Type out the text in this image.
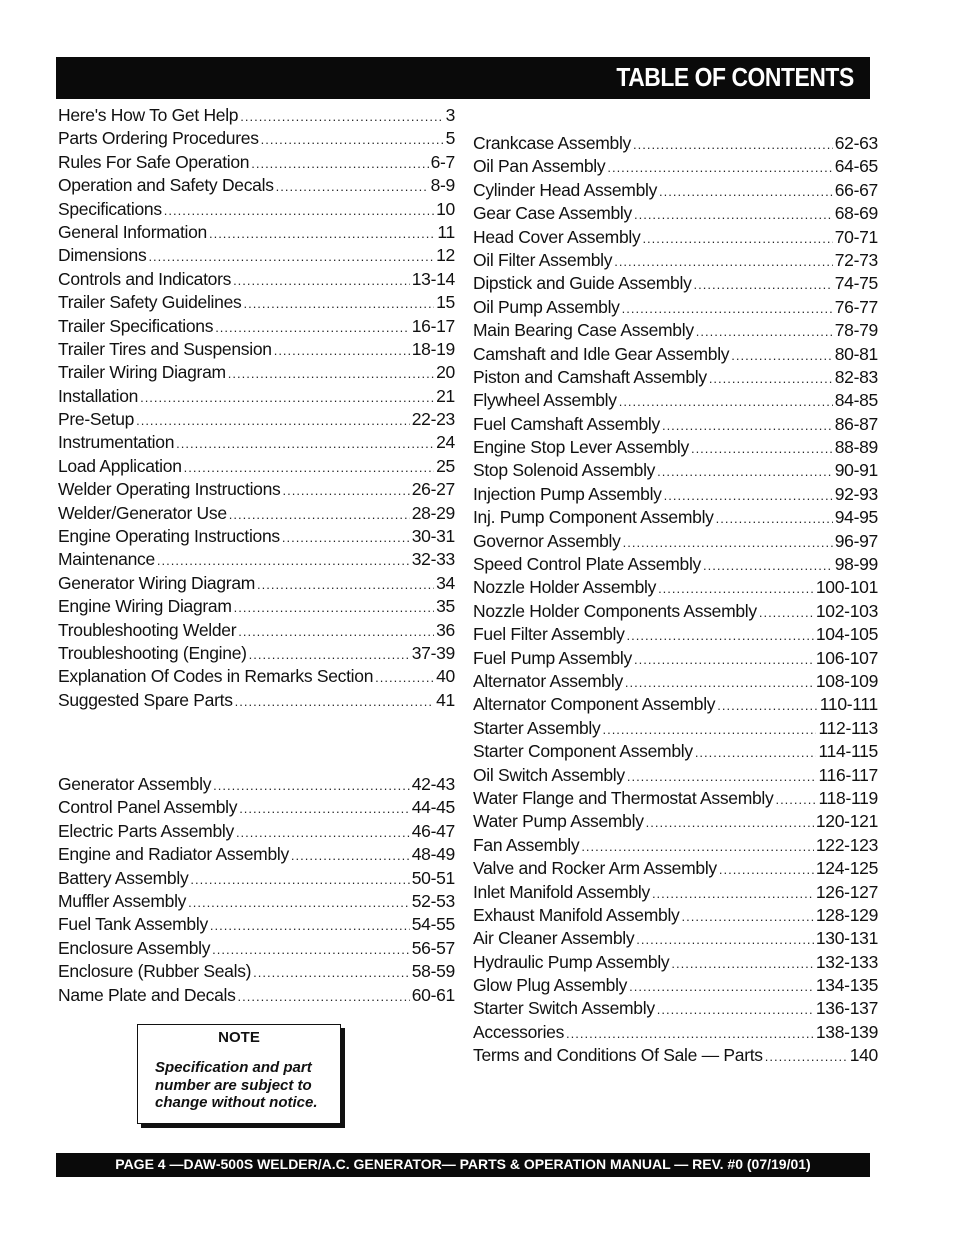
TABLE OF CONTENTS
Here's How To Get Help .....	3
Parts Ordering Procedures .....	5
Rules For Safe Operation .....	6-7
Operation and Safety Decals .....	8-9
Specifications .....	10
General Information .....	11
Dimensions .....	12
Controls and Indicators .....	13-14
Trailer Safety Guidelines .....	15
Trailer Specifications .....	16-17
Trailer Tires and Suspension .....	18-19
Trailer Wiring Diagram .....	20
Installation .....	21
Pre-Setup .....	22-23
Instrumentation .....	24
Load Application .....	25
Welder Operating Instructions .....	26-27
Welder/Generator Use .....	28-29
Engine Operating Instructions .....	30-31
Maintenance .....	32-33
Generator Wiring Diagram .....	34
Engine Wiring Diagram .....	35
Troubleshooting Welder .....	36
Troubleshooting (Engine) .....	37-39
Explanation Of Codes in Remarks Section .....	40
Suggested Spare Parts .....	41
Generator Assembly .....	42-43
Control Panel Assembly .....	44-45
Electric Parts Assembly .....	46-47
Engine and Radiator Assembly .....	48-49
Battery Assembly .....	50-51
Muffler Assembly .....	52-53
Fuel Tank Assembly .....	54-55
Enclosure Assembly .....	56-57
Enclosure (Rubber Seals) .....	58-59
Name Plate and Decals .....	60-61
Crankcase Assembly .....	62-63
Oil Pan Assembly .....	64-65
Cylinder Head Assembly .....	66-67
Gear Case Assembly .....	68-69
Head Cover Assembly .....	70-71
Oil Filter Assembly .....	72-73
Dipstick and Guide Assembly .....	74-75
Oil Pump Assembly .....	76-77
Main Bearing Case Assembly .....	78-79
Camshaft and Idle Gear Assembly .....	80-81
Piston and Camshaft Assembly .....	82-83
Flywheel Assembly .....	84-85
Fuel Camshaft Assembly .....	86-87
Engine Stop Lever Assembly .....	88-89
Stop Solenoid Assembly .....	90-91
Injection Pump Assembly .....	92-93
Inj. Pump Component Assembly .....	94-95
Governor Assembly .....	96-97
Speed Control Plate Assembly .....	98-99
Nozzle Holder Assembly .....	100-101
Nozzle Holder Components Assembly .....	102-103
Fuel Filter Assembly .....	104-105
Fuel Pump Assembly .....	106-107
Alternator Assembly .....	108-109
Alternator Component Assembly .....	110-111
Starter Assembly .....	112-113
Starter Component Assembly .....	114-115
Oil Switch Assembly .....	116-117
Water Flange and Thermostat Assembly .....	118-119
Water Pump Assembly .....	120-121
Fan Assembly .....	122-123
Valve and Rocker Arm Assembly .....	124-125
Inlet Manifold Assembly .....	126-127
Exhaust Manifold Assembly .....	128-129
Air Cleaner Assembly .....	130-131
Hydraulic Pump Assembly .....	132-133
Glow Plug Assembly .....	134-135
Starter Switch Assembly .....	136-137
Accessories .....	138-139
Terms and Conditions Of Sale — Parts .....	140
NOTE
Specification and part number are subject to change without notice.
PAGE 4 —DAW-500S WELDER/A.C. GENERATOR— PARTS & OPERATION MANUAL — REV. #0 (07/19/01)
